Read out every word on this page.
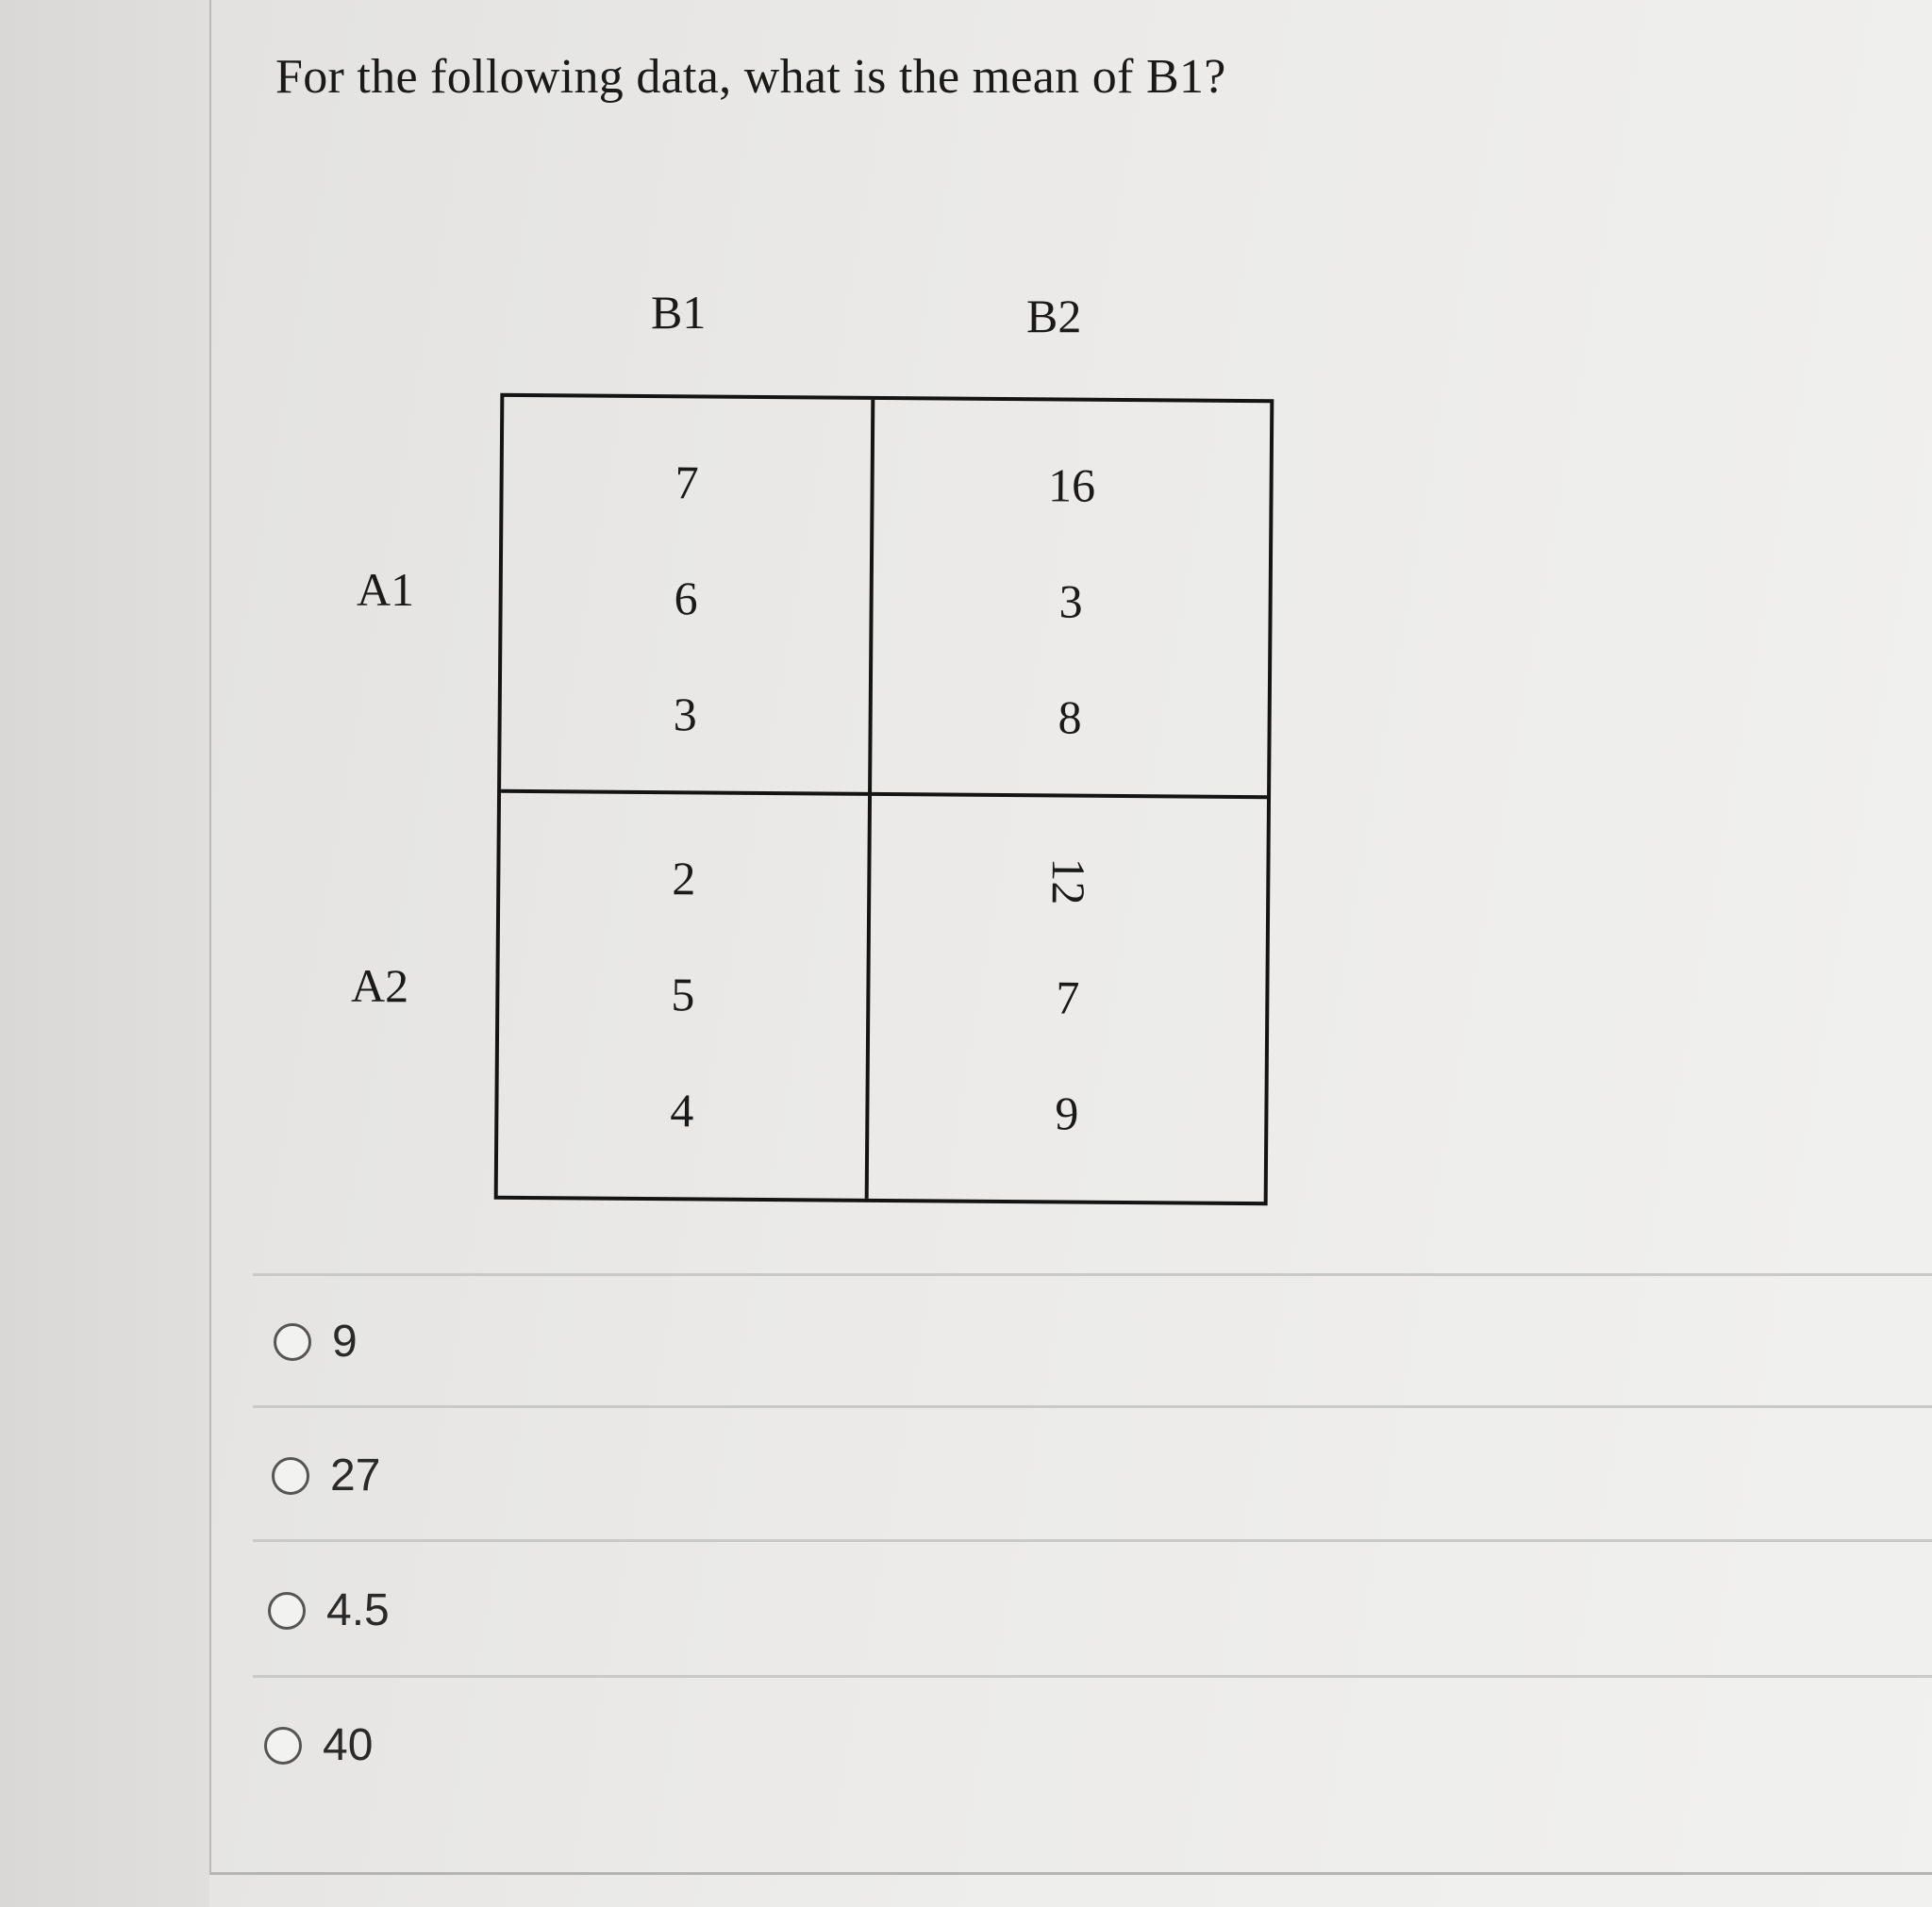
For the following data, what is the mean of B1?
B1	B2
A1
A2
7
6
3
16
3
8
2
5
4
12
7
9
9
27
4.5
40
